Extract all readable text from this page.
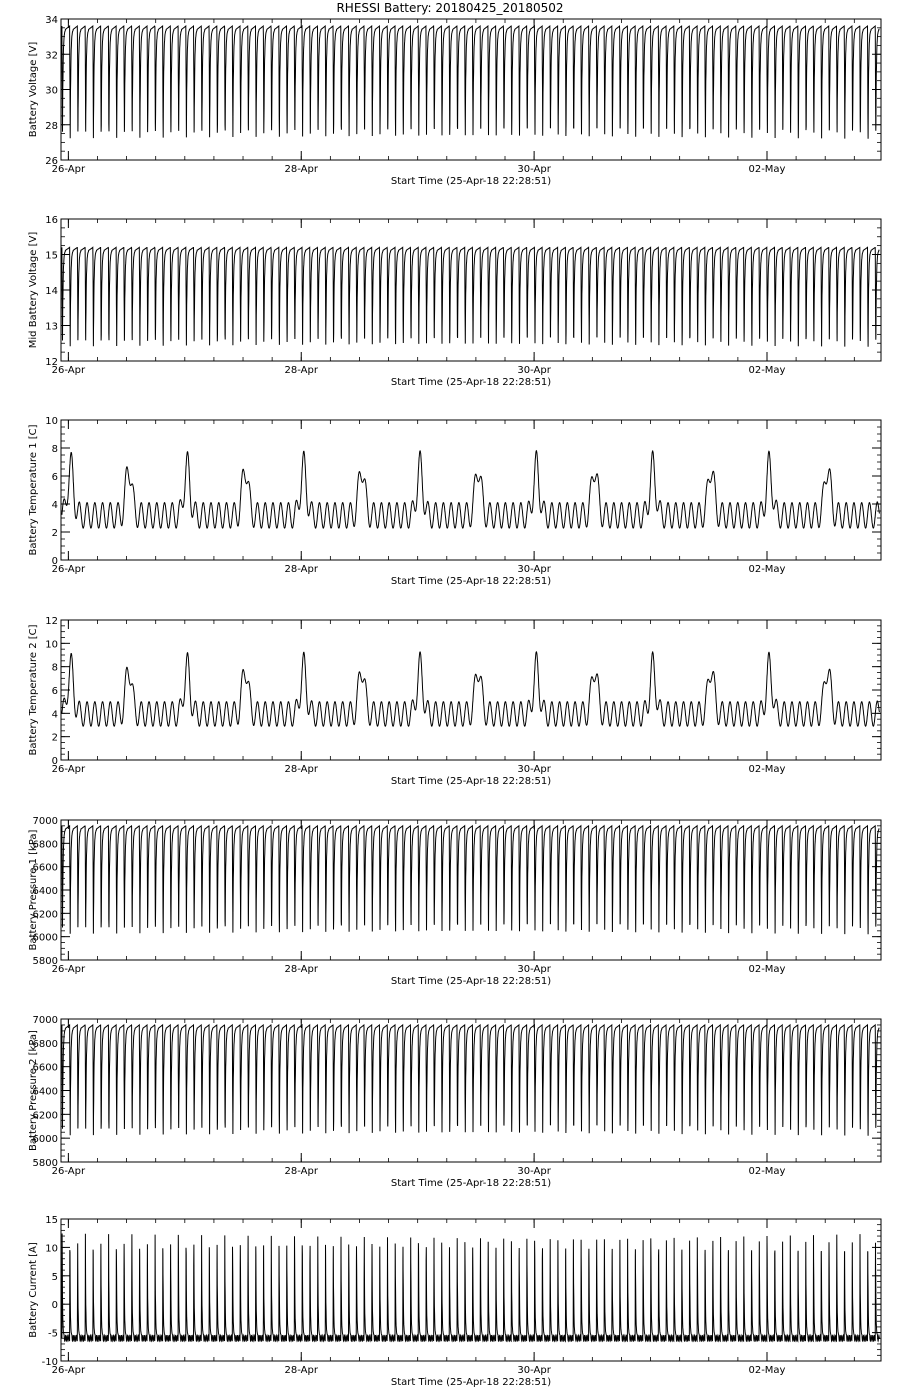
RHESSI Battery: 20180425_20180502
26
28
30
32
34
26-Apr	28-Apr	30-Apr	02-May
Start Time (25-Apr-18 22:28:51)
Battery Voltage [V]
12
13
14
15
16
26-Apr	28-Apr	30-Apr	02-May
Start Time (25-Apr-18 22:28:51)
Mid Battery Voltage [V]
0
2
4
6
8
10
26-Apr	28-Apr	30-Apr	02-May
Start Time (25-Apr-18 22:28:51)
Battery Temperature 1 [C]
0
2
4
6
8
10
12
26-Apr	28-Apr	30-Apr	02-May
Start Time (25-Apr-18 22:28:51)
Battery Temperature 2 [C]
5800
6000
6200
6400
6600
6800
7000
26-Apr	28-Apr	30-Apr	02-May
Start Time (25-Apr-18 22:28:51)
Battery Pressure 1 [kPa]
5800
6000
6200
6400
6600
6800
7000
26-Apr	28-Apr	30-Apr	02-May
Start Time (25-Apr-18 22:28:51)
Battery Pressure 2 [kPa]
-10
-5
0
5
10
15
26-Apr	28-Apr	30-Apr	02-May
Start Time (25-Apr-18 22:28:51)
Battery Current [A]
